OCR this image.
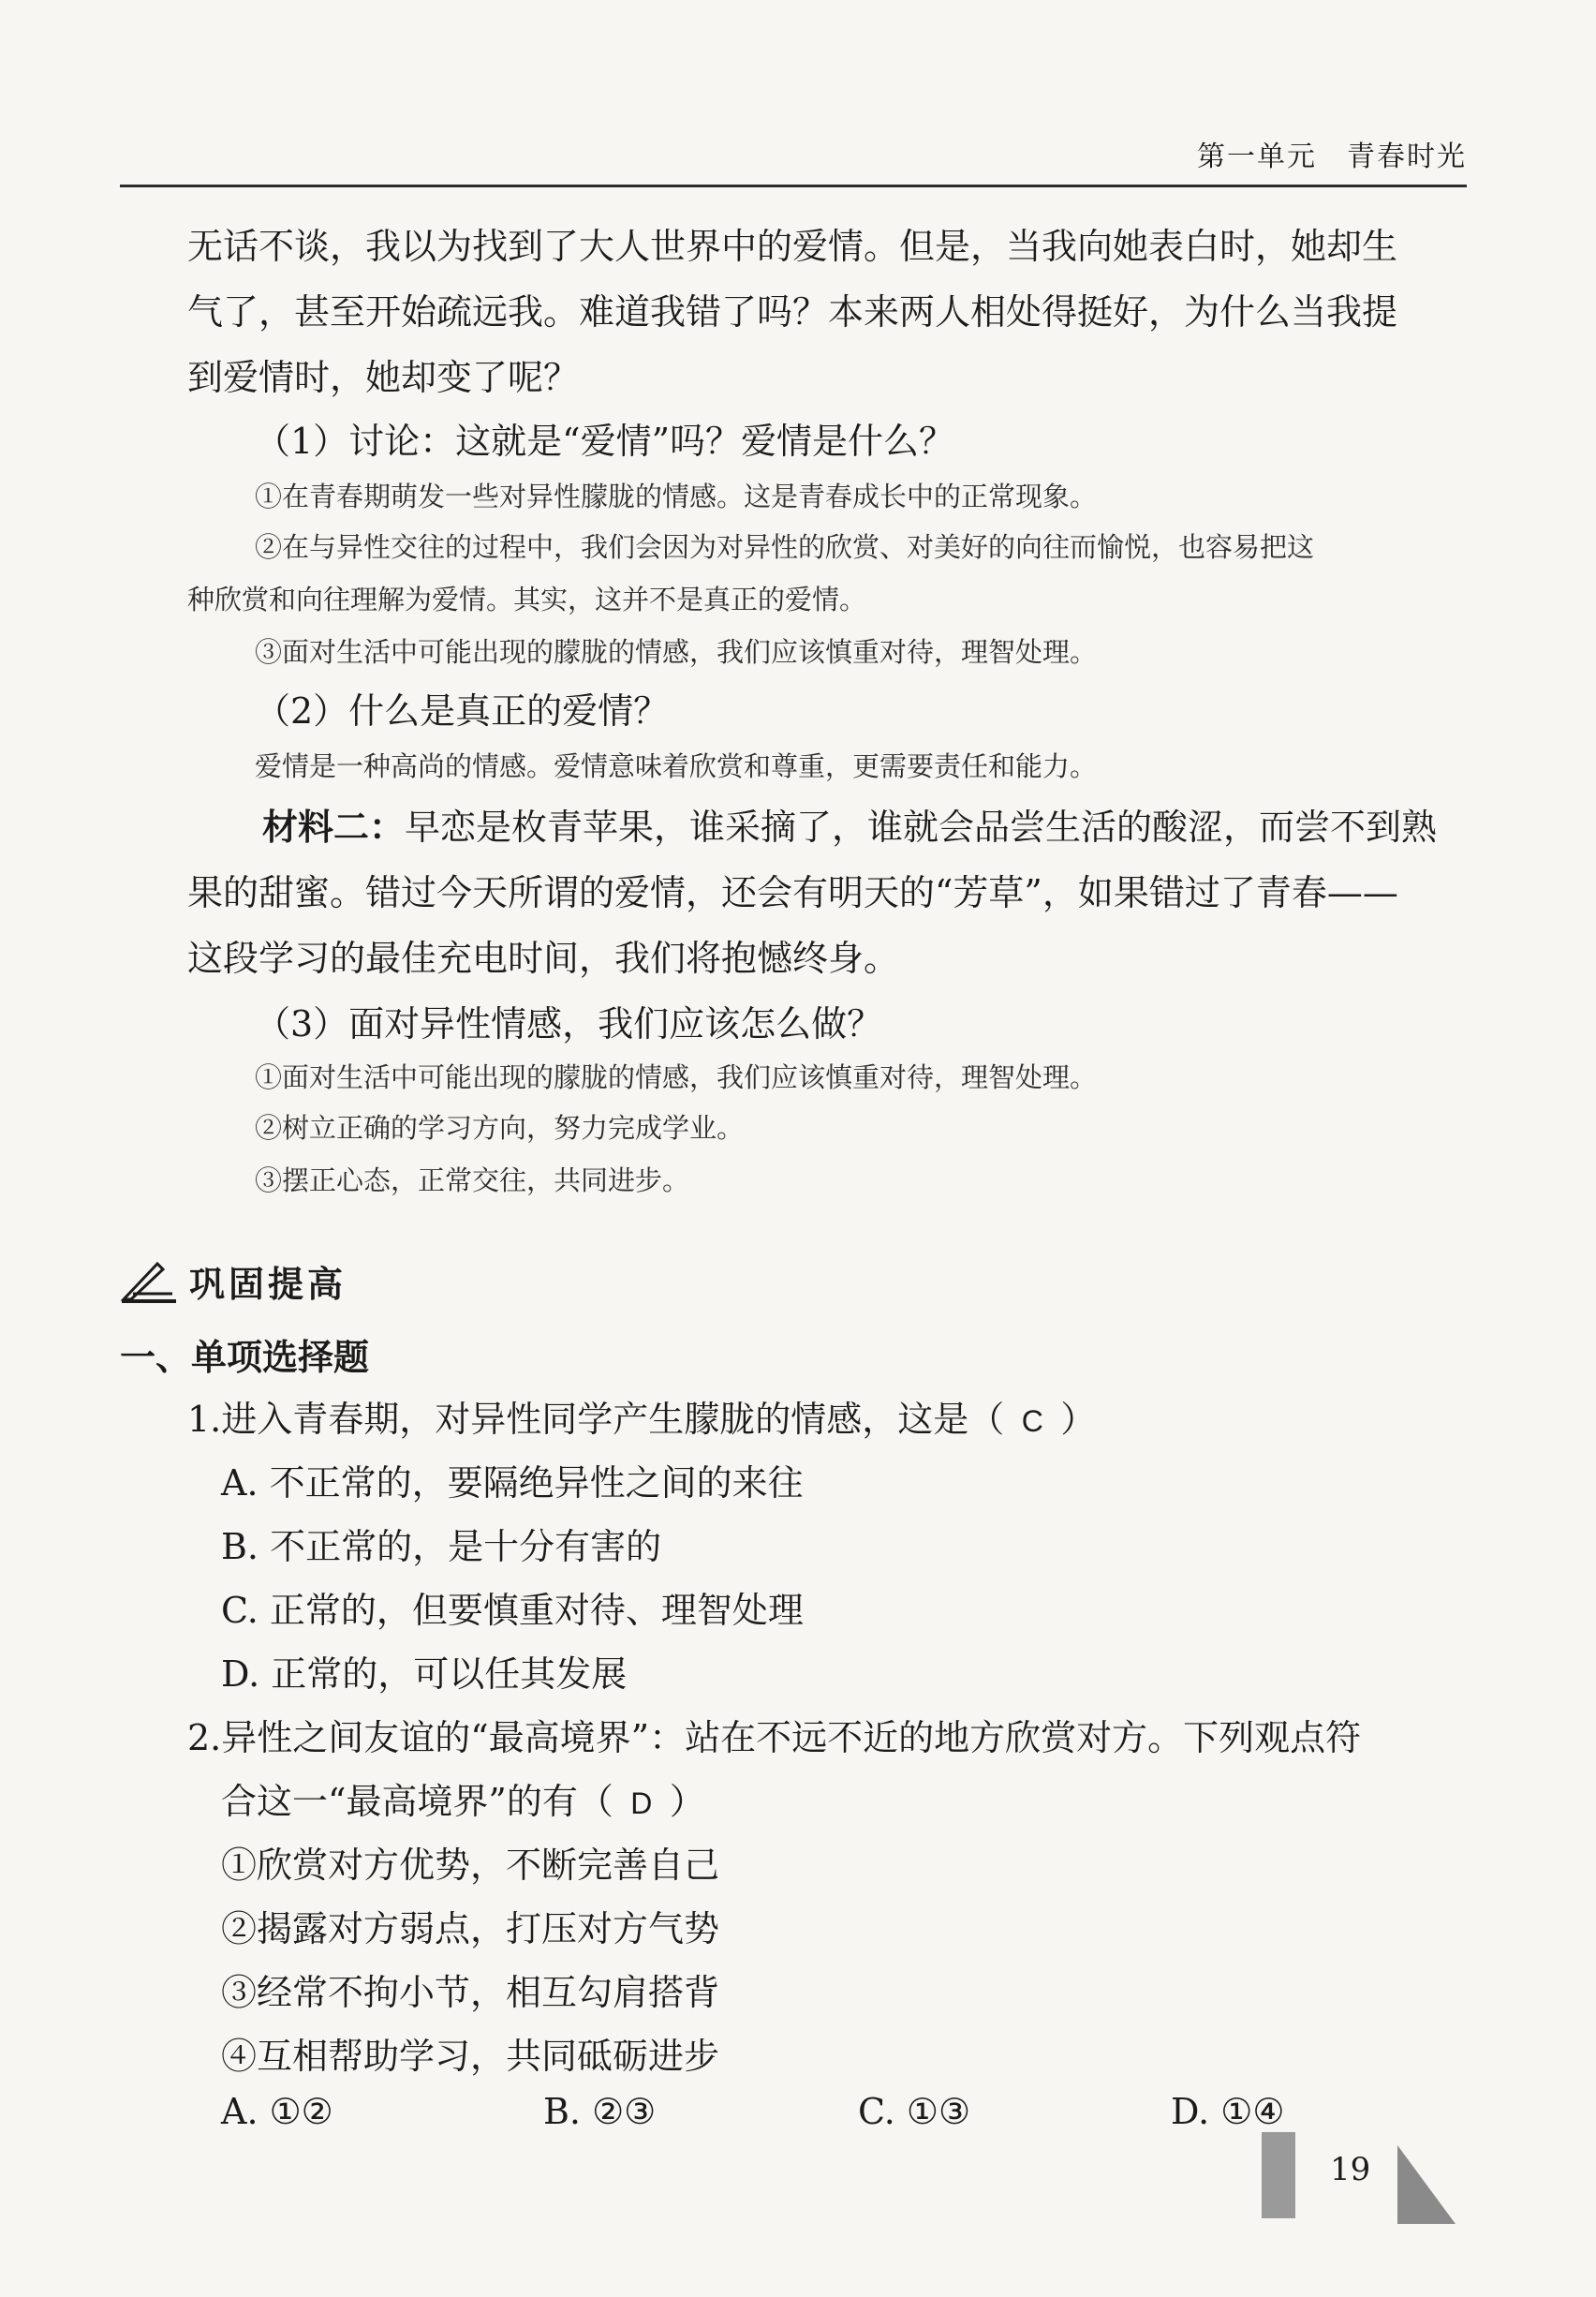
第一单元　青春时光
无话不谈，我以为找到了大人世界中的爱情。但是，当我向她表白时，她却生
气了，甚至开始疏远我。难道我错了吗？本来两人相处得挺好，为什么当我提
到爱情时，她却变了呢？
（1）讨论：这就是“爱情”吗？爱情是什么？
①在青春期萌发一些对异性朦胧的情感。这是青春成长中的正常现象。
②在与异性交往的过程中，我们会因为对异性的欣赏、对美好的向往而愉悦，也容易把这
种欣赏和向往理解为爱情。其实，这并不是真正的爱情。
③面对生活中可能出现的朦胧的情感，我们应该慎重对待，理智处理。
（2）什么是真正的爱情？
爱情是一种高尚的情感。爱情意味着欣赏和尊重，更需要责任和能力。
材料二：早恋是枚青苹果，谁采摘了，谁就会品尝生活的酸涩，而尝不到熟
果的甜蜜。错过今天所谓的爱情，还会有明天的“芳草”，如果错过了青春——
这段学习的最佳充电时间，我们将抱憾终身。
（3）面对异性情感，我们应该怎么做？
①面对生活中可能出现的朦胧的情感，我们应该慎重对待，理智处理。
②树立正确的学习方向，努力完成学业。
③摆正心态，正常交往，共同进步。
巩固提高
一、单项选择题
1.进入青春期，对异性同学产生朦胧的情感，这是（ C ）
A. 不正常的，要隔绝异性之间的来往
B. 不正常的，是十分有害的
C. 正常的，但要慎重对待、理智处理
D. 正常的，可以任其发展
2.异性之间友谊的“最高境界”：站在不远不近的地方欣赏对方。下列观点符
合这一“最高境界”的有（ D ）
①欣赏对方优势，不断完善自己
②揭露对方弱点，打压对方气势
③经常不拘小节，相互勾肩搭背
④互相帮助学习，共同砥砺进步
A. ①②	B. ②③	C. ①③	D. ①④
19
